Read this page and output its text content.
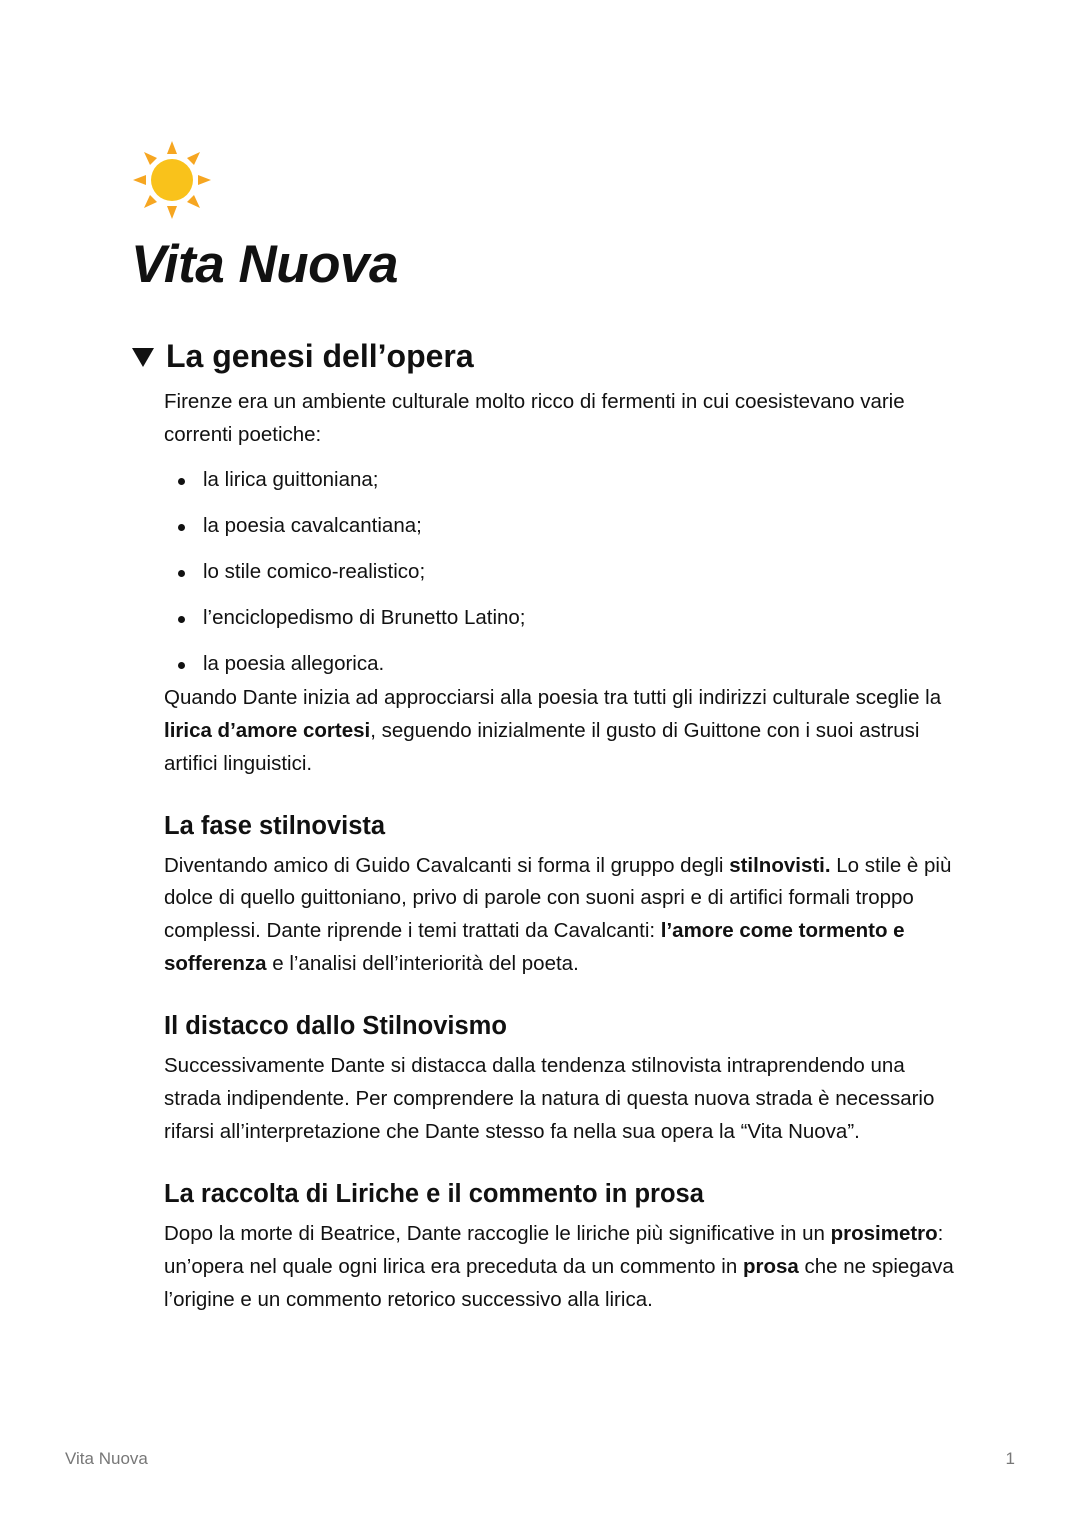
Vita Nuova
La genesi dell’opera

Firenze era un ambiente culturale molto ricco di fermenti in cui coesistevano varie correnti poetiche:

la lirica guittoniana;
la poesia cavalcantiana;
lo stile comico-realistico;
l’enciclopedismo di Brunetto Latino;
la poesia allegorica.

Quando Dante inizia ad approcciarsi alla poesia tra tutti gli indirizzi culturale sceglie la lirica d’amore cortesi, seguendo inizialmente il gusto di Guittone con i suoi astrusi artifici linguistici.

La fase stilnovista

Diventando amico di Guido Cavalcanti si forma il gruppo degli stilnovisti. Lo stile è più dolce di quello guittoniano, privo di parole con suoni aspri e di artifici formali troppo complessi. Dante riprende i temi trattati da Cavalcanti: l’amore come tormento e sofferenza e l’analisi dell’interiorità del poeta.

Il distacco dallo Stilnovismo

Successivamente Dante si distacca dalla tendenza stilnovista intraprendendo una strada indipendente. Per comprendere la natura di questa nuova strada è necessario rifarsi all’interpretazione che Dante stesso fa nella sua opera la “Vita Nuova”.

La raccolta di Liriche e il commento in prosa

Dopo la morte di Beatrice, Dante raccoglie le liriche più significative in un prosimetro: un’opera nel quale ogni lirica era preceduta da un commento in prosa che ne spiegava l’origine e un commento retorico successivo alla lirica.

Vita Nuova	1
